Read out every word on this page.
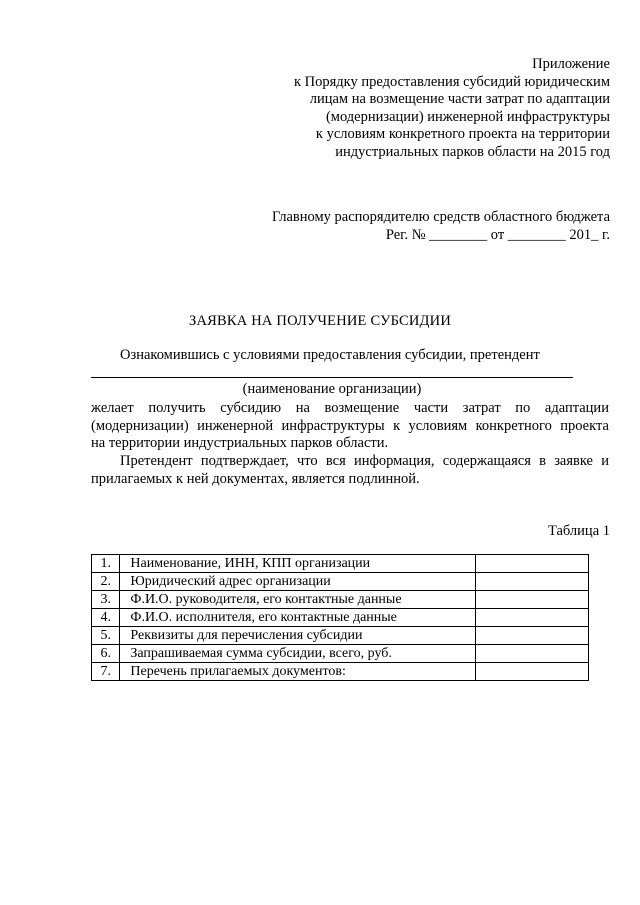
Приложение
к Порядку предоставления субсидий юридическим
лицам на возмещение части затрат по адаптации
(модернизации) инженерной инфраструктуры
к условиям конкретного проекта на территории
индустриальных парков области на 2015 год
Главному распорядителю средств областного бюджета
Рег. № ________ от ________ 201_ г.
ЗАЯВКА НА ПОЛУЧЕНИЕ СУБСИДИИ
Ознакомившись с условиями предоставления субсидии, претендент
(наименование организации)
желает получить субсидию на возмещение части затрат по адаптации
(модернизации) инженерной инфраструктуры к условиям конкретного проекта
на территории индустриальных парков области.
Претендент подтверждает, что вся информация, содержащаяся в заявке и
прилагаемых к ней документах, является подлинной.
Таблица 1
1.	Наименование, ИНН, КПП организации	
2.	Юридический адрес организации	
3.	Ф.И.О. руководителя, его контактные данные	
4.	Ф.И.О. исполнителя, его контактные данные	
5.	Реквизиты для перечисления субсидии	
6.	Запрашиваемая сумма субсидии, всего, руб.	
7.	Перечень прилагаемых документов:	
